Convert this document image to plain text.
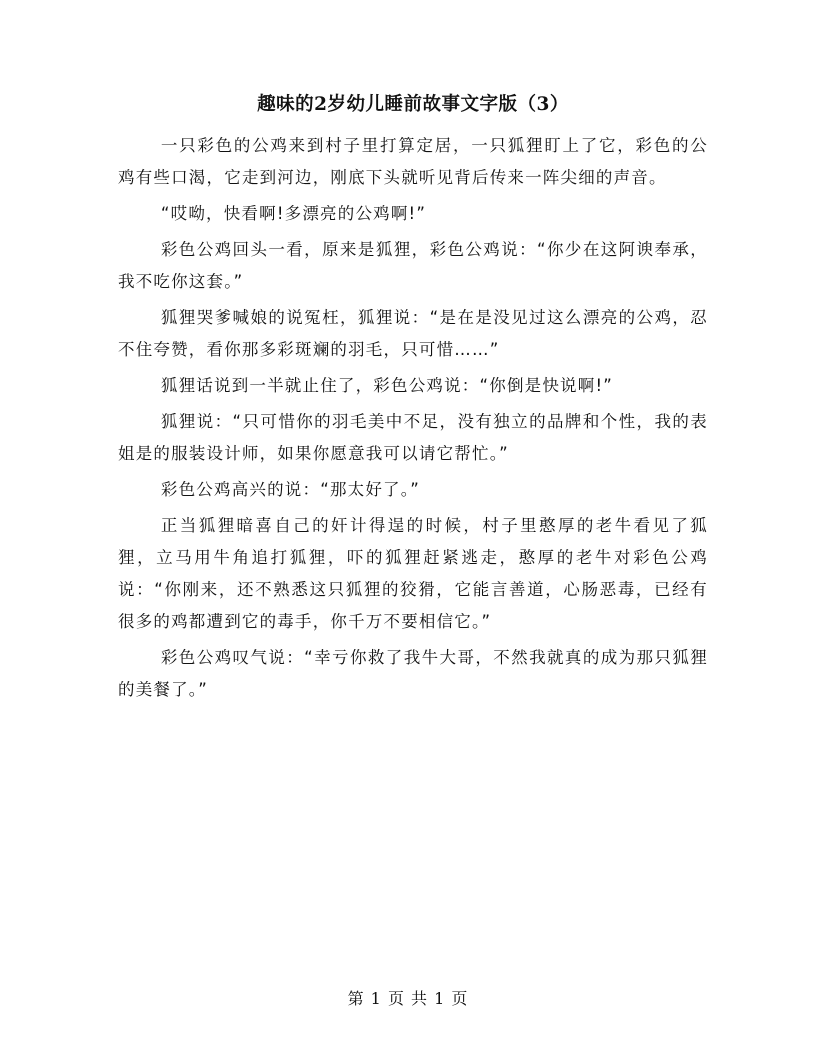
趣味的2岁幼儿睡前故事文字版（3）

一只彩色的公鸡来到村子里打算定居，一只狐狸盯上了它，彩色的公鸡有些口渴，它走到河边，刚底下头就听见背后传来一阵尖细的声音。

“哎呦，快看啊!多漂亮的公鸡啊!”

彩色公鸡回头一看，原来是狐狸，彩色公鸡说：“你少在这阿谀奉承，我不吃你这套。”

狐狸哭爹喊娘的说冤枉，狐狸说：“是在是没见过这么漂亮的公鸡，忍不住夸赞，看你那多彩斑斓的羽毛，只可惜……”

狐狸话说到一半就止住了，彩色公鸡说：“你倒是快说啊!”

狐狸说：“只可惜你的羽毛美中不足，没有独立的品牌和个性，我的表姐是的服装设计师，如果你愿意我可以请它帮忙。”

彩色公鸡高兴的说：“那太好了。”

正当狐狸暗喜自己的奸计得逞的时候，村子里憨厚的老牛看见了狐狸，立马用牛角追打狐狸，吓的狐狸赶紧逃走，憨厚的老牛对彩色公鸡说：“你刚来，还不熟悉这只狐狸的狡猾，它能言善道，心肠恶毒，已经有很多的鸡都遭到它的毒手，你千万不要相信它。”

彩色公鸡叹气说：“幸亏你救了我牛大哥，不然我就真的成为那只狐狸的美餐了。”

第 1 页 共 1 页
